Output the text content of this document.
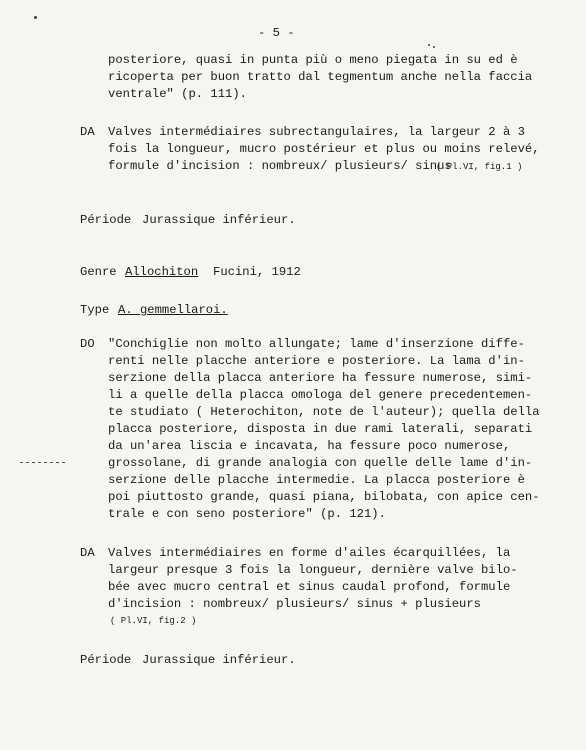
- 5 -
posteriore, quasi in punta più o meno piegata in su ed è
ricoperta per buon tratto dal tegmentum anche nella faccia
ventrale" (p. 111).
DA Valves intermédiaires subrectangulaires, la largeur 2 à 3
fois la longueur, mucro postérieur et plus ou moins relevé,
formule d'incision : nombreux/ plusieurs/ sinus
( Pl.VI, fig.1 )
Période Jurassique inférieur.
Genre Allochiton Fucini, 1912
Type A. gemmellaroi.
DO "Conchiglie non molto allungate; lame d'inserzione diffe-
renti nelle placche anteriore e posteriore. La lama d'in-
serzione della placca anteriore ha fessure numerose, simi-
li a quelle della placca omologa del genere precedentemen-
te studiato ( Heterochiton, note de l'auteur); quella della
placca posteriore, disposta in due rami laterali, separati
da un'area liscia e incavata, ha fessure poco numerose,
grossolane, di grande analogia con quelle delle lame d'in-
serzione delle placche intermedie. La placca posteriore è
poi piuttosto grande, quasi piana, bilobata, con apice cen-
trale e con seno posteriore" (p. 121).
DA Valves intermédiaires en forme d'ailes écarquillées, la
largeur presque 3 fois la longueur, dernière valve bilo-
bée avec mucro central et sinus caudal profond, formule
d'incision : nombreux/ plusieurs/ sinus + plusieurs
( Pl.VI, fig.2 )
Période Jurassique inférieur.
